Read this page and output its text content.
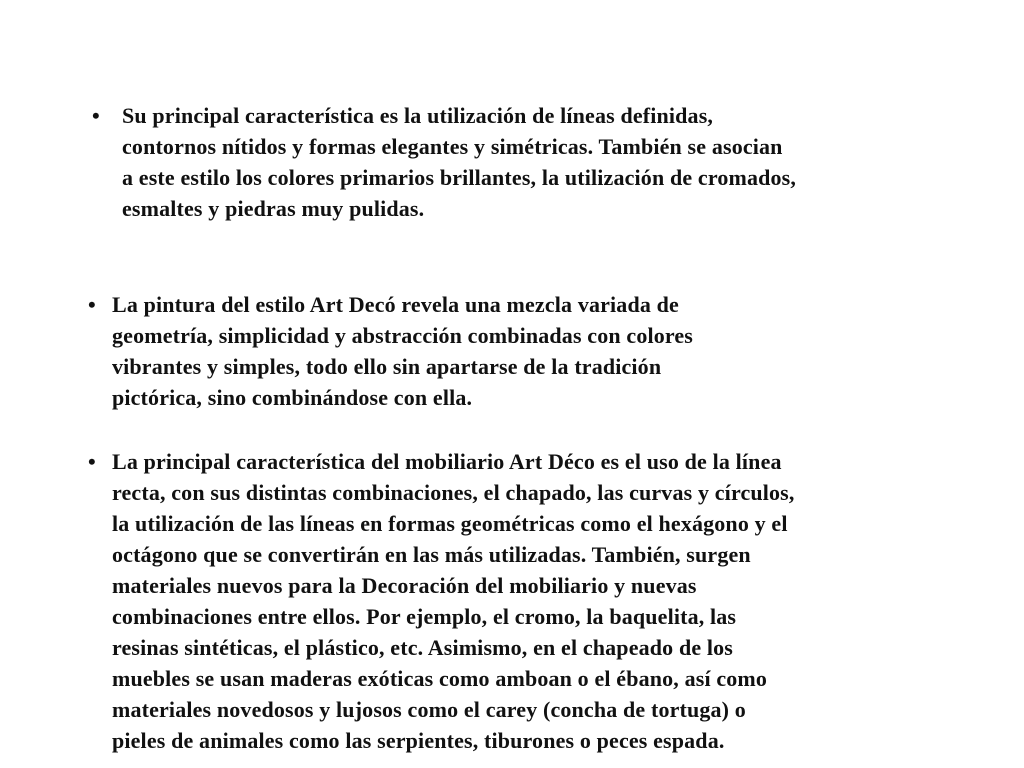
• Su principal característica es la utilización de líneas definidas,
contornos nítidos y formas elegantes y simétricas. También se asocian
a este estilo los colores primarios brillantes, la utilización de cromados,
esmaltes y piedras muy pulidas.
• La pintura del estilo Art Decó revela una mezcla variada de
geometría, simplicidad y abstracción combinadas con colores
vibrantes y simples, todo ello sin apartarse de la tradición
pictórica, sino combinándose con ella.
• La principal característica del mobiliario Art Déco es el uso de la línea
recta, con sus distintas combinaciones, el chapado, las curvas y círculos,
la utilización de las líneas en formas geométricas como el hexágono y el
octágono que se convertirán en las más utilizadas. También, surgen
materiales nuevos para la Decoración del mobiliario y nuevas
combinaciones entre ellos. Por ejemplo, el cromo, la baquelita, las
resinas sintéticas, el plástico, etc. Asimismo, en el chapeado de los
muebles se usan maderas exóticas como amboan o el ébano, así como
materiales novedosos y lujosos como el carey (concha de tortuga) o
pieles de animales como las serpientes, tiburones o peces espada.
